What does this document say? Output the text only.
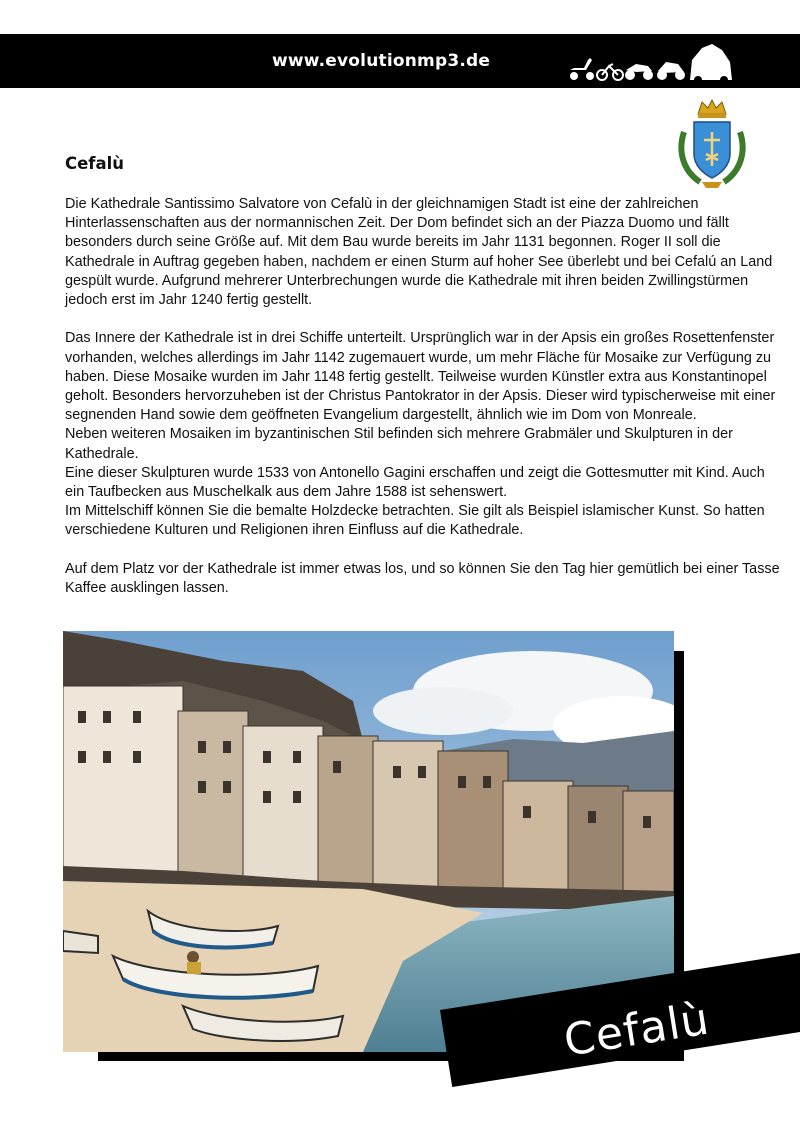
www.evolutionmp3.de
Cefalù

Die Kathedrale Santissimo Salvatore von Cefalù in der gleichnamigen Stadt ist eine der zahlreichen Hinterlassenschaften aus der normannischen Zeit. Der Dom befindet sich an der Piazza Duomo und fällt besonders durch seine Größe auf. Mit dem Bau wurde bereits im Jahr 1131 begonnen. Roger II soll die Kathedrale in Auftrag gegeben haben, nachdem er einen Sturm auf hoher See überlebt und bei Cefalú an Land gespült wurde. Aufgrund mehrerer Unterbrechungen wurde die Kathedrale mit ihren beiden Zwillingstürmen jedoch erst im Jahr 1240 fertig gestellt.

Das Innere der Kathedrale ist in drei Schiffe unterteilt. Ursprünglich war in der Apsis ein großes Rosettenfenster vorhanden, welches allerdings im Jahr 1142 zugemauert wurde, um mehr Fläche für Mosaike zur Verfügung zu haben. Diese Mosaike wurden im Jahr 1148 fertig gestellt. Teilweise wurden Künstler extra aus Konstantinopel geholt. Besonders hervorzuheben ist der Christus Pantokrator in der Apsis. Dieser wird typischerweise mit einer segnenden Hand sowie dem geöffneten Evangelium dargestellt, ähnlich wie im Dom von Monreale.

Neben weiteren Mosaiken im byzantinischen Stil befinden sich mehrere Grabmäler und Skulpturen in der Kathedrale.

Eine dieser Skulpturen wurde 1533 von Antonello Gagini erschaffen und zeigt die Gottesmutter mit Kind. Auch ein Taufbecken aus Muschelkalk aus dem Jahre 1588 ist sehenswert.

Im Mittelschiff können Sie die bemalte Holzdecke betrachten. Sie gilt als Beispiel islamischer Kunst. So hatten verschiedene Kulturen und Religionen ihren Einfluss auf die Kathedrale.

Auf dem Platz vor der Kathedrale ist immer etwas los, und so können Sie den Tag hier gemütlich bei einer Tasse Kaffee ausklingen lassen.

Cefalù
